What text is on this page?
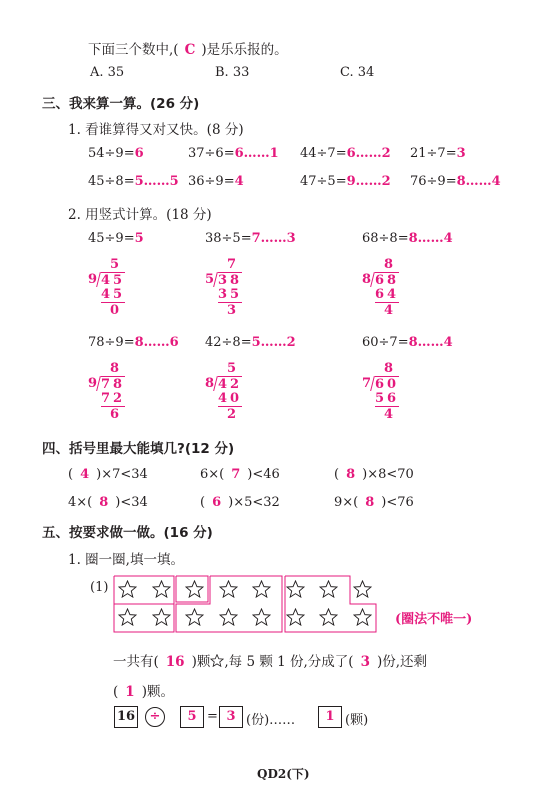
下面三个数中,( C )是乐乐报的。
A. 35	B. 33	C. 34
三、我来算一算。(26 分)
1. 看谁算得又对又快。(8 分)
54÷9=6	37÷6=6……1 44÷7=6……2 21÷7=3
45÷8=5……5 36÷9=4	47÷5=9……2 76÷9=8……4
2. 用竖式计算。(18 分)
45÷9=5
5
9 45
45
0
38÷5=7……3
7
5 38
35
3
68÷8=8……4
8
8 68
64
4
78÷9=8……6
8
9 78
72
6
42÷8=5……2
5
8 42
40
2
60÷7=8……4
8
7 60
56
4
四、括号里最大能填几?(12 分)
( 4 )×7<34	6×( 7 )<46	( 8 )×8<70
4×( 8 )<34	( 6 )×5<32	9×( 8 )<76
五、按要求做一做。(16 分)
1. 圈一圈,填一填。
(1)
(圈法不唯一)
一共有( 16 )颗 ,每 5 颗 1 份,分成了( 3 )份,还剩
( 1 )颗。
16	÷	5 = 3 (份)……	1 (颗)
QD2(下)
